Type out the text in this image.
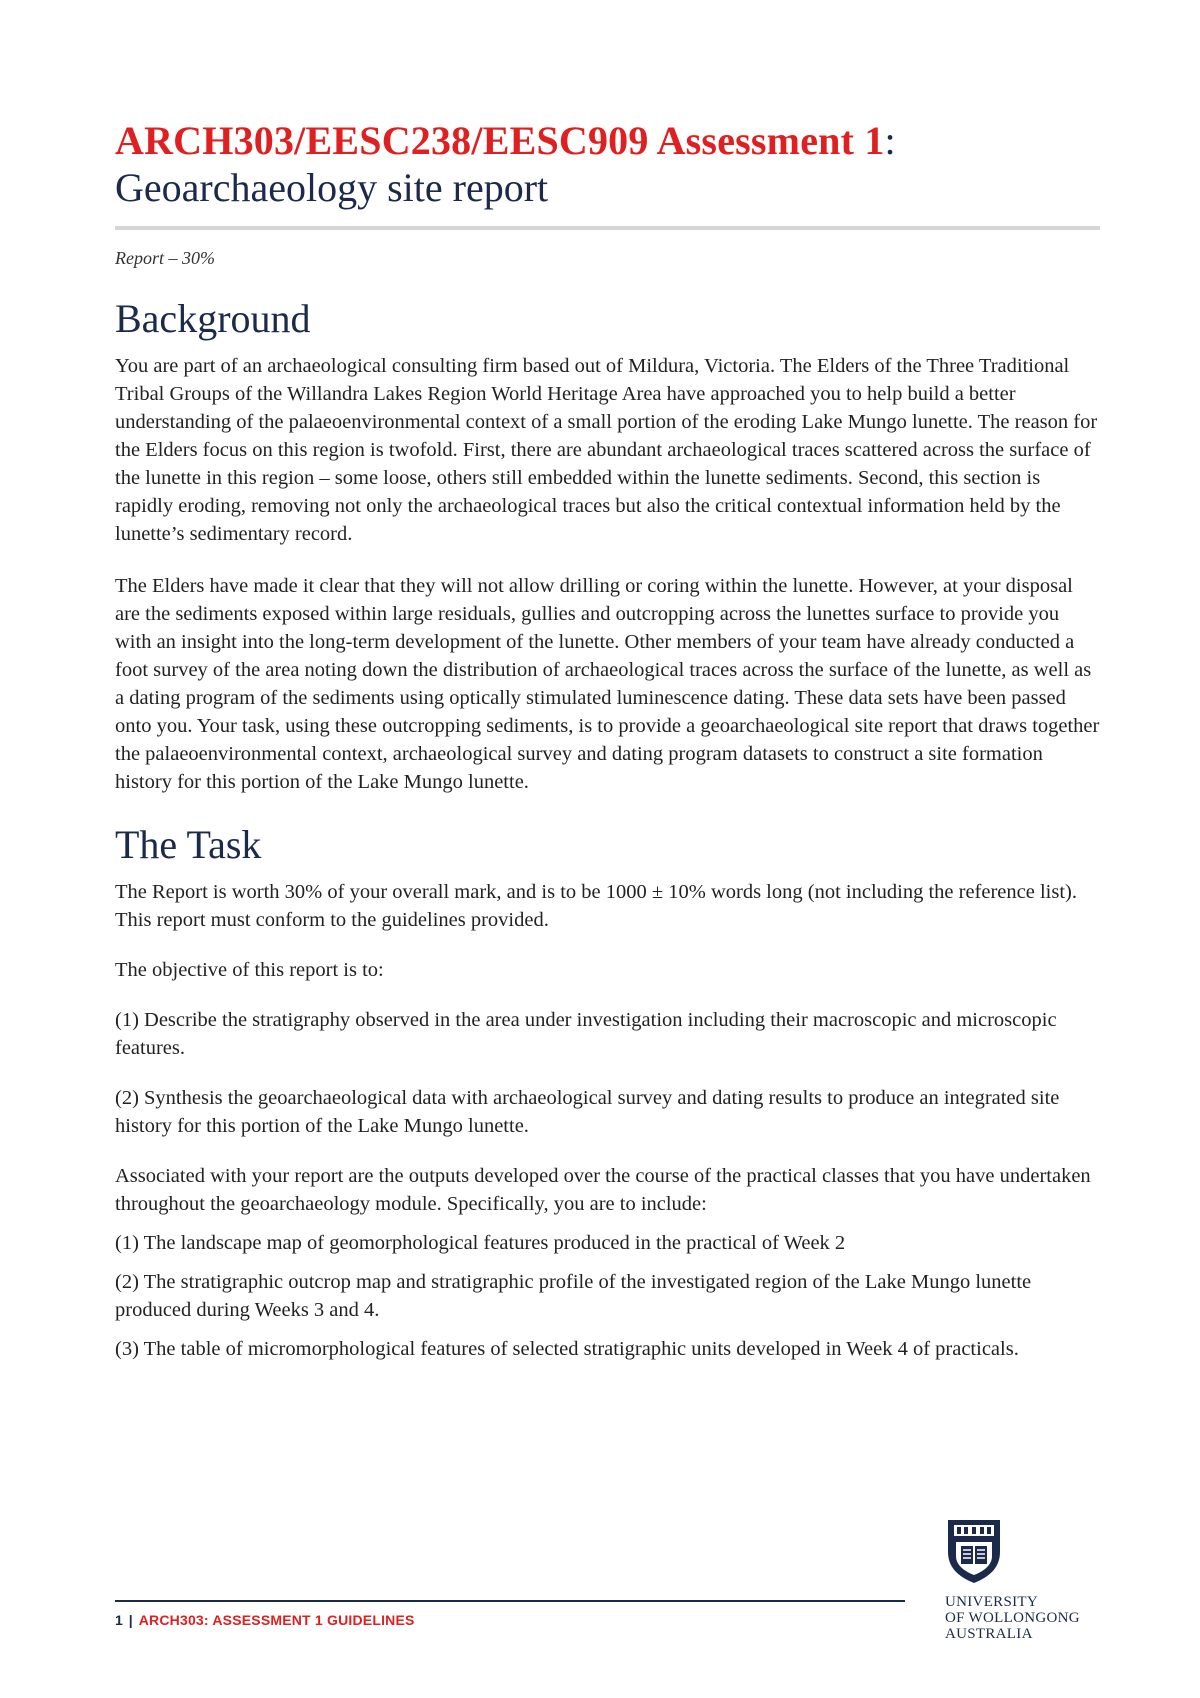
ARCH303/EESC238/EESC909 Assessment 1:
Geoarchaeology site report
Report – 30%
Background

You are part of an archaeological consulting firm based out of Mildura, Victoria. The Elders of the Three Traditional Tribal Groups of the Willandra Lakes Region World Heritage Area have approached you to help build a better understanding of the palaeoenvironmental context of a small portion of the eroding Lake Mungo lunette. The reason for the Elders focus on this region is twofold. First, there are abundant archaeological traces scattered across the surface of the lunette in this region – some loose, others still embedded within the lunette sediments. Second, this section is rapidly eroding, removing not only the archaeological traces but also the critical contextual information held by the lunette’s sedimentary record.

The Elders have made it clear that they will not allow drilling or coring within the lunette. However, at your disposal are the sediments exposed within large residuals, gullies and outcropping across the lunettes surface to provide you with an insight into the long-term development of the lunette. Other members of your team have already conducted a foot survey of the area noting down the distribution of archaeological traces across the surface of the lunette, as well as a dating program of the sediments using optically stimulated luminescence dating. These data sets have been passed onto you. Your task, using these outcropping sediments, is to provide a geoarchaeological site report that draws together the palaeoenvironmental context, archaeological survey and dating program datasets to construct a site formation history for this portion of the Lake Mungo lunette.

The Task

The Report is worth 30% of your overall mark, and is to be 1000 ± 10% words long (not including the reference list). This report must conform to the guidelines provided.

The objective of this report is to:

(1) Describe the stratigraphy observed in the area under investigation including their macroscopic and microscopic features.

(2) Synthesis the geoarchaeological data with archaeological survey and dating results to produce an integrated site history for this portion of the Lake Mungo lunette.

Associated with your report are the outputs developed over the course of the practical classes that you have undertaken throughout the geoarchaeology module. Specifically, you are to include:

(1) The landscape map of geomorphological features produced in the practical of Week 2

(2) The stratigraphic outcrop map and stratigraphic profile of the investigated region of the Lake Mungo lunette produced during Weeks 3 and 4.

(3) The table of micromorphological features of selected stratigraphic units developed in Week 4 of practicals.

1 | ARCH303: ASSESSMENT 1 GUIDELINES
UNIVERSITY
OF WOLLONGONG
AUSTRALIA
